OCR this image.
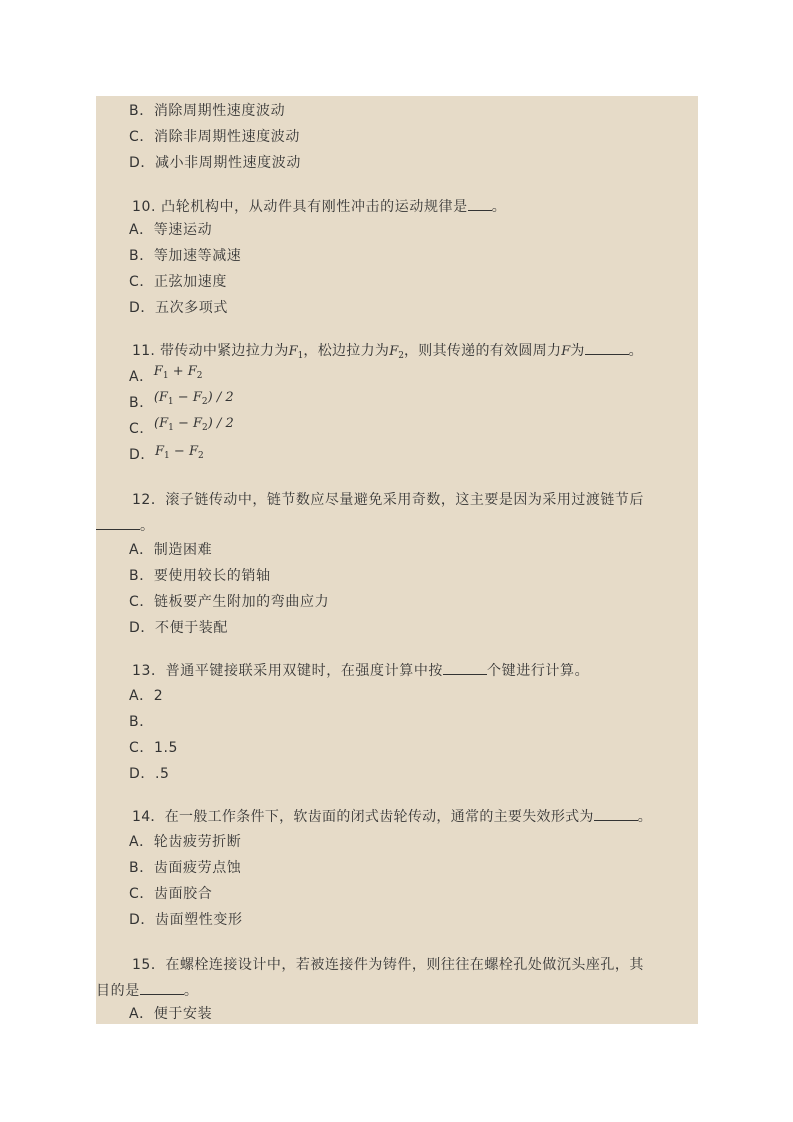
B．消除周期性速度波动
C．消除非周期性速度波动
D．减小非周期性速度波动
10. 凸轮机构中，从动件具有刚性冲击的运动规律是 。
A．等速运动
B．等加速等减速
C．正弦加速度
D．五次多项式
11. 带传动中紧边拉力为$F_1$，松边拉力为$F_2$，则其传递的有效圆周力F为	。
A．$F_1 + F_2$
B．$(F_1 - F_2) / 2$
C．$(F_1 - F_2) / 2$
D．$F_1 - F_2$
12．滚子链传动中，链节数应尽量避免采用奇数，这主要是因为采用过渡链节后
。
A．制造困难
B．要使用较长的销轴
C．链板要产生附加的弯曲应力
D．不便于装配
13．普通平键接联采用双键时，在强度计算中按	个键进行计算。
A．2
B．
C．1.5
D．.5
14．在一般工作条件下，软齿面的闭式齿轮传动，通常的主要失效形式为	。
A．轮齿疲劳折断
B．齿面疲劳点蚀
C．齿面胶合
D．齿面塑性变形
15．在螺栓连接设计中，若被连接件为铸件，则往往在螺栓孔处做沉头座孔，其
目的是	。
A．便于安装
